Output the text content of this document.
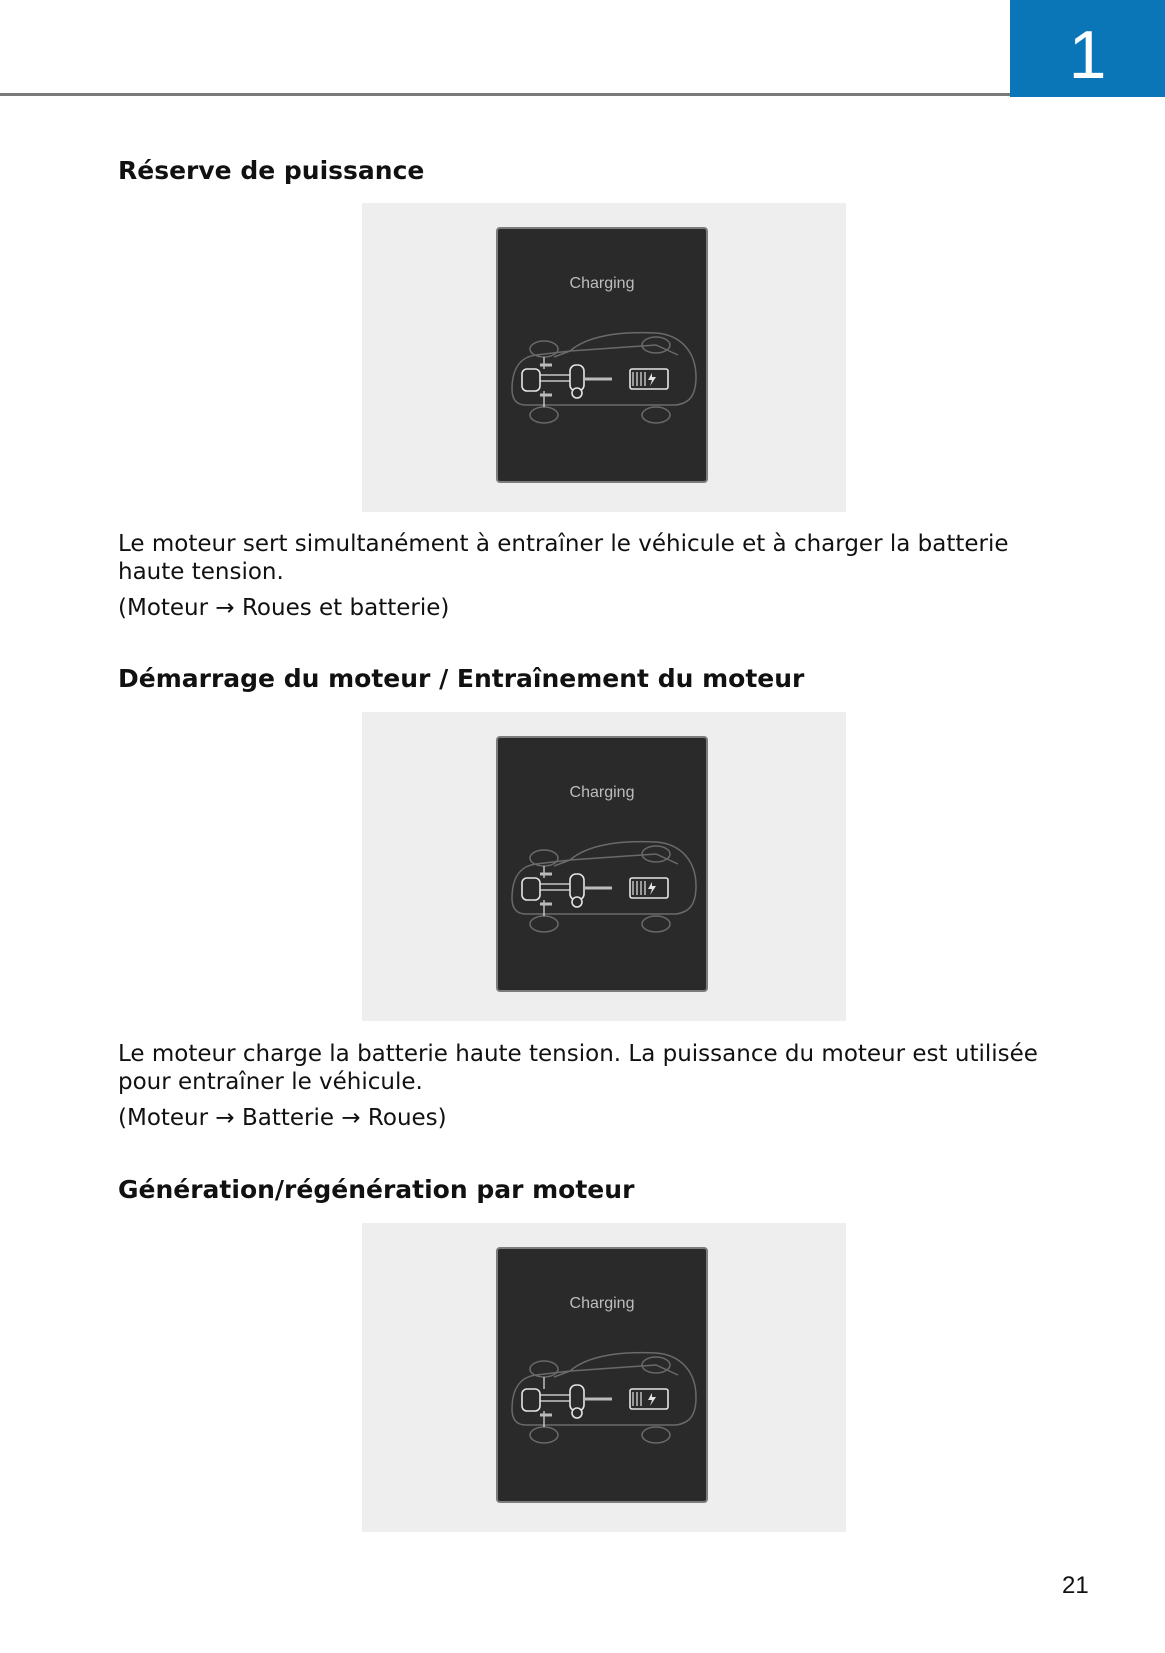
1
Réserve de puissance
Charging

Le moteur sert simultanément à entraîner le véhicule et à charger la batterie haute tension.

(Moteur → Roues et batterie)

Démarrage du moteur / Entraînement du moteur
Charging

Le moteur charge la batterie haute tension. La puissance du moteur est utilisée pour entraîner le véhicule.

(Moteur → Batterie → Roues)

Génération/régénération par moteur
Charging
21
